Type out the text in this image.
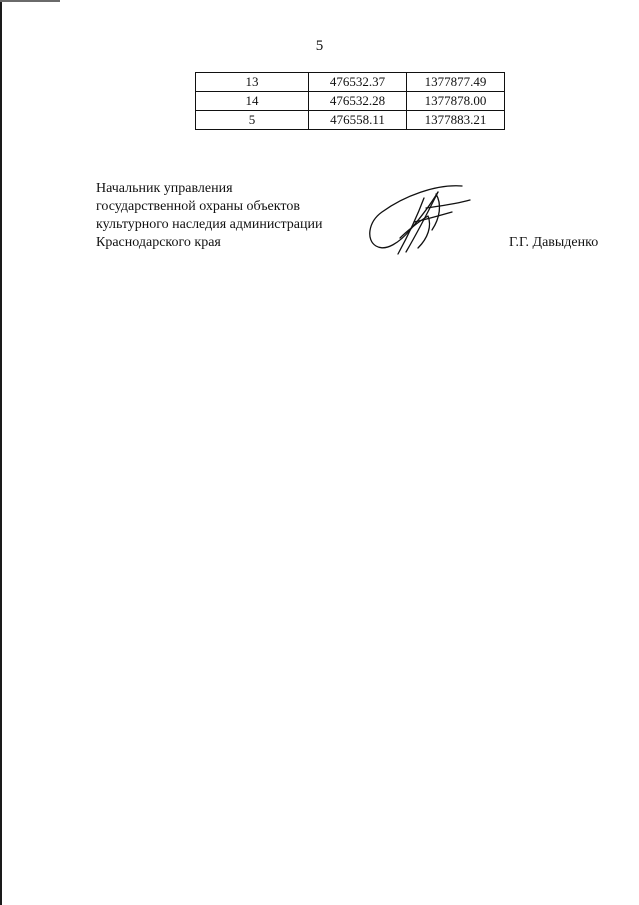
5
13	476532.37	1377877.49
14	476532.28	1377878.00
5	476558.11	1377883.21
Начальник управления
государственной охраны объектов
культурного наследия администрации
Краснодарского края	Г.Г. Давыденко
